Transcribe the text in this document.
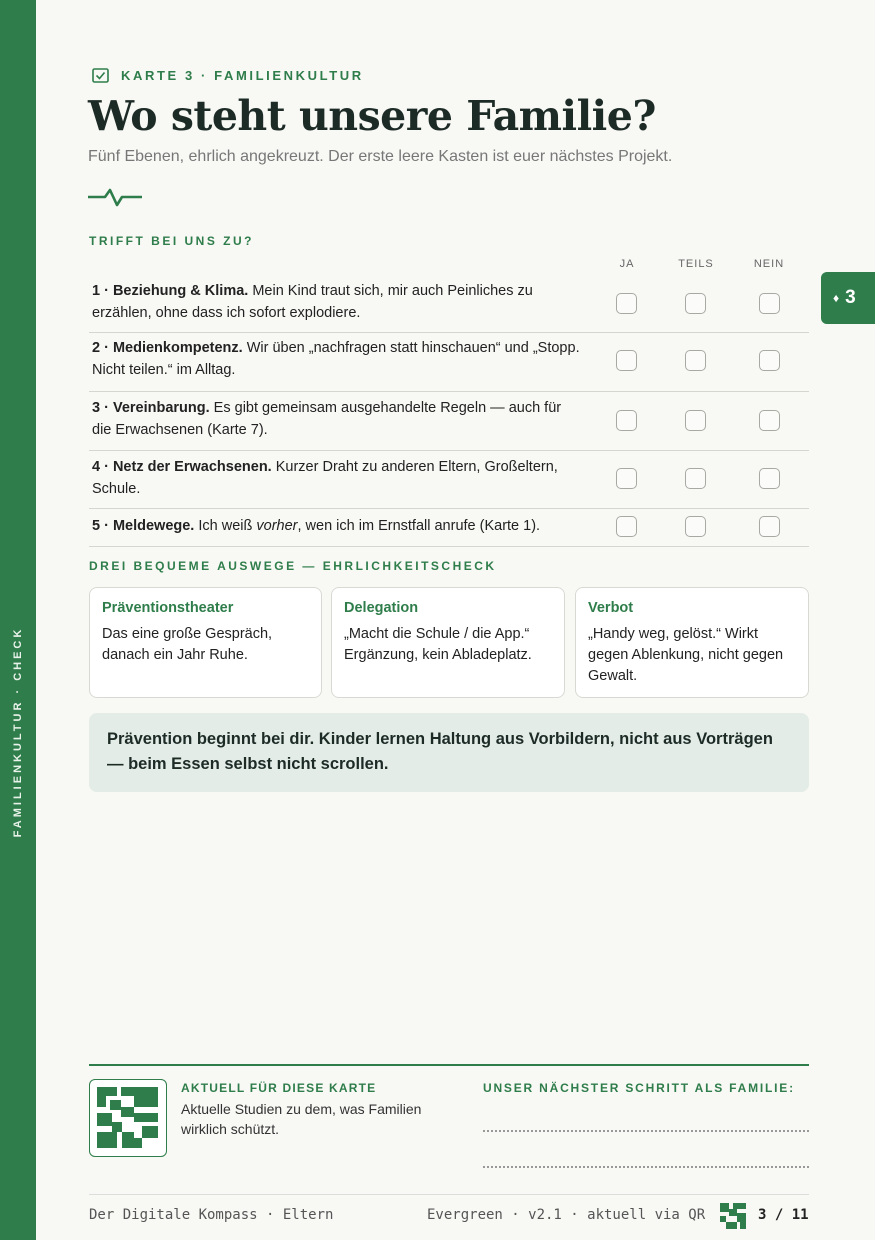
FAMILIENKULTUR · CHECK
♦ 3
KARTE 3 · FAMILIENKULTUR
Wo steht unsere Familie?
Fünf Ebenen, ehrlich angekreuzt. Der erste leere Kasten ist euer nächstes Projekt.
TRIFFT BEI UNS ZU?
JA	TEILS	NEIN
1 · Beziehung & Klima. Mein Kind traut sich, mir auch Peinliches zu erzählen, ohne dass ich sofort explodiere.
2 · Medienkompetenz. Wir üben „nachfragen statt hinschauen“ und „Stopp. Nicht teilen.“ im Alltag.
3 · Vereinbarung. Es gibt gemeinsam ausgehandelte Regeln — auch für die Erwachsenen (Karte 7).
4 · Netz der Erwachsenen. Kurzer Draht zu anderen Eltern, Großeltern, Schule.
5 · Meldewege. Ich weiß vorher, wen ich im Ernstfall anrufe (Karte 1).
DREI BEQUEME AUSWEGE — EHRLICHKEITSCHECK
Präventionstheater
Das eine große Gespräch, danach ein Jahr Ruhe.
Delegation
„Macht die Schule / die App.“ Ergänzung, kein Abladeplatz.
Verbot
„Handy weg, gelöst.“ Wirkt gegen Ablenkung, nicht gegen Gewalt.
Prävention beginnt bei dir. Kinder lernen Haltung aus Vorbildern, nicht aus Vorträgen — beim Essen selbst nicht scrollen.
AKTUELL FÜR DIESE KARTE
Aktuelle Studien zu dem, was Familien wirklich schützt.
UNSER NÄCHSTER SCHRITT ALS FAMILIE:
Der Digitale Kompass · Eltern	Evergreen · v2.1 · aktuell via QR	3 / 11
